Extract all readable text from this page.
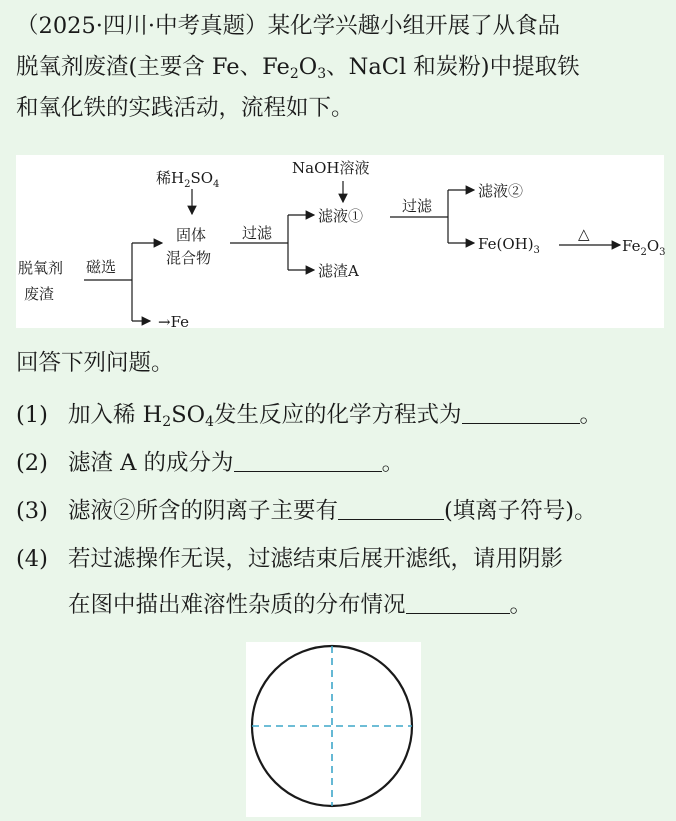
（2025·四川·中考真题）某化学兴趣小组开展了从食品
脱氧剂废渣(主要含 Fe、$Fe_2O_3$、NaCl 和炭粉)中提取铁
和氧化铁的实践活动，流程如下。

脱氧剂
废渣
磁选
→Fe
稀$H_2SO_4$
固体
混合物
过滤
NaOH溶液
滤液①
滤渣A
过滤
滤液②
$Fe(OH)_3$
△
$Fe_2O_3$

回答下列问题。

(1) 加入稀 $H_2SO_4$发生反应的化学方程式为	。

(2) 滤渣 A 的成分为	。

(3) 滤液②所含的阴离子主要有	(填离子符号)。

(4) 若过滤操作无误，过滤结束后展开滤纸，请用阴影
在图中描出难溶性杂质的分布情况	。
